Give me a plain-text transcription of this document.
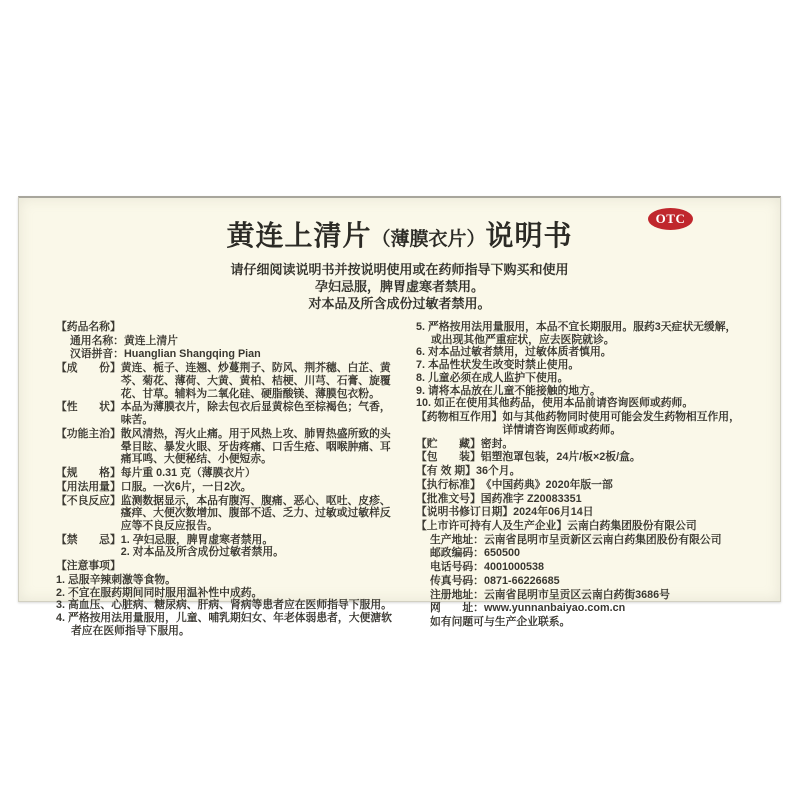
OTC
黄连上清片（薄膜衣片）说明书
请仔细阅读说明书并按说明使用或在药师指导下购买和使用
孕妇忌服，脾胃虚寒者禁用。
对本品及所含成份过敏者禁用。
【药品名称】
通用名称：黄连上清片
汉语拼音：Huanglian Shangqing Pian
【成　　份】 黄连、栀子、连翘、炒蔓荆子、防风、荆芥穗、白芷、黄芩、菊花、薄荷、大黄、黄柏、桔梗、川芎、石膏、旋覆花、甘草。辅料为二氧化硅、硬脂酸镁、薄膜包衣粉。
【性　　状】 本品为薄膜衣片，除去包衣后显黄棕色至棕褐色；气香，味苦。
【功能主治】 散风清热，泻火止痛。用于风热上攻、肺胃热盛所致的头晕目眩、暴发火眼、牙齿疼痛、口舌生疮、咽喉肿痛、耳痛耳鸣、大便秘结、小便短赤。
【规　　格】 每片重 0.31 克（薄膜衣片）
【用法用量】 口服。一次6片，一日2次。
【不良反应】 监测数据显示，本品有腹泻、腹痛、恶心、呕吐、皮疹、瘙痒、大便次数增加、腹部不适、乏力、过敏或过敏样反应等不良反应报告。
【禁　　忌】 1. 孕妇忌服，脾胃虚寒者禁用。
2. 对本品及所含成份过敏者禁用。
【注意事项】
1. 忌服辛辣刺激等食物。
2. 不宜在服药期间同时服用温补性中成药。
3. 高血压、心脏病、糖尿病、肝病、肾病等患者应在医师指导下服用。
4. 严格按用法用量服用，儿童、哺乳期妇女、年老体弱患者，大便溏软者应在医师指导下服用。
5. 严格按用法用量服用，本品不宜长期服用。服药3天症状无缓解，或出现其他严重症状，应去医院就诊。
6. 对本品过敏者禁用，过敏体质者慎用。
7. 本品性状发生改变时禁止使用。
8. 儿童必须在成人监护下使用。
9. 请将本品放在儿童不能接触的地方。
10. 如正在使用其他药品，使用本品前请咨询医师或药师。
【药物相互作用】 如与其他药物同时使用可能会发生药物相互作用，详情请咨询医师或药师。
【贮　　藏】 密封。
【包　　装】 铝塑泡罩包装，24片/板×2板/盒。
【有 效 期】 36个月。
【执行标准】 《中国药典》2020年版一部
【批准文号】 国药准字 Z20083351
【说明书修订日期】 2024年06月14日
【上市许可持有人及生产企业】 云南白药集团股份有限公司
生产地址：云南省昆明市呈贡新区云南白药集团股份有限公司
邮政编码：650500
电话号码：4001000538
传真号码：0871-66226685
注册地址：云南省昆明市呈贡区云南白药街3686号
网　　址：www.yunnanbaiyao.com.cn
如有问题可与生产企业联系。
